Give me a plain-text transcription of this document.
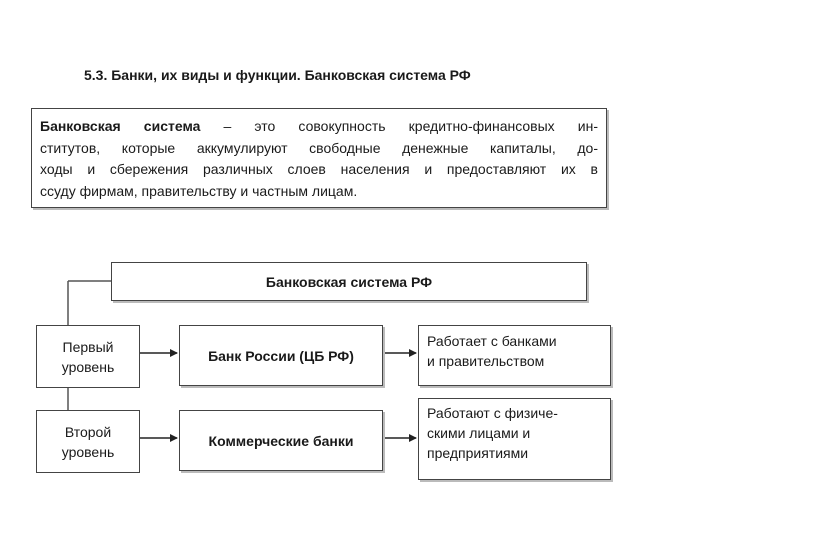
5.3. Банки, их виды и функции. Банковская система РФ
Банковская система – это совокупность кредитно-финансовых ин-
ститутов, которые аккумулируют свободные денежные капиталы, до-
ходы и сбережения различных слоев населения и предоставляют их в
ссуду фирмам, правительству и частным лицам.
Банковская система РФ
Первый
уровень
Второй
уровень
Банк России (ЦБ РФ)
Коммерческие банки
Работает с банками
и правительством
Работают с физиче-
скими лицами и
предприятиями
